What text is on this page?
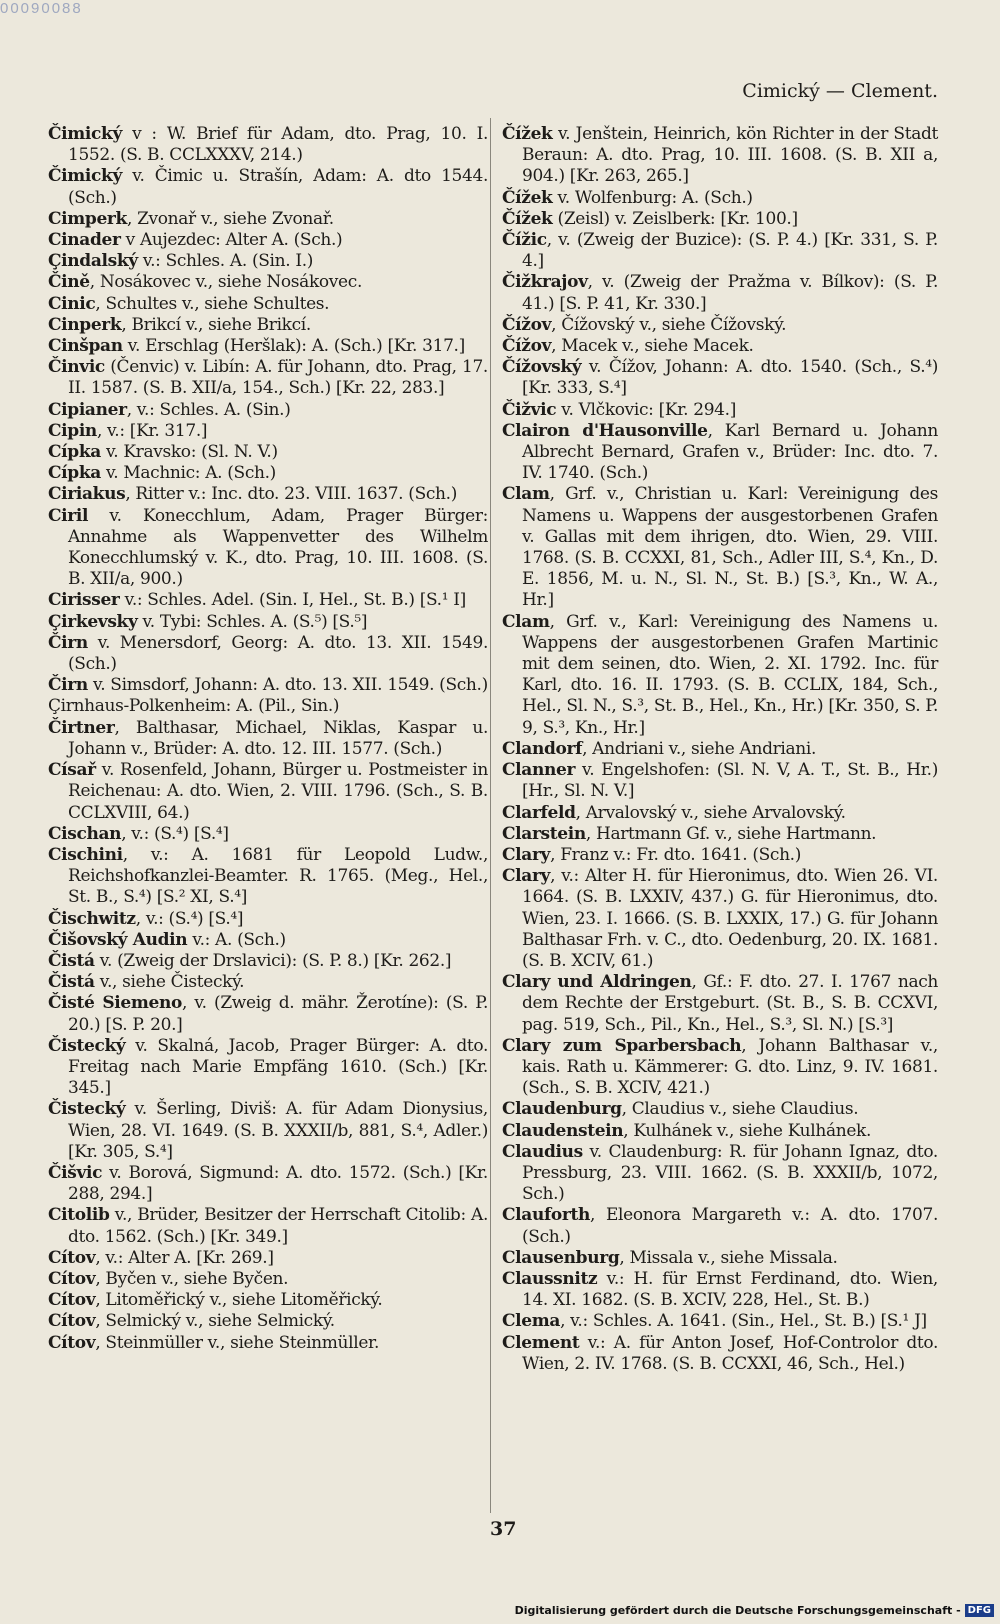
00090088
Cimický — Clement.

Čimický v : W. Brief für Adam, dto. Prag, 10. I. 1552. (S. B. CCLXXXV, 214.)

Čimický v. Čimic u. Strašín, Adam: A. dto 1544. (Sch.)

Cimperk, Zvonař v., siehe Zvonař.

Cinader v Aujezdec: Alter A. (Sch.)

Çindalský v.: Schles. A. (Sin. I.)

Čině, Nosákovec v., siehe Nosákovec.

Cinic, Schultes v., siehe Schultes.

Cinperk, Brikcí v., siehe Brikcí.

Cinšpan v. Erschlag (Heršlak): A. (Sch.) [Kr. 317.]

Činvic (Čenvic) v. Libín: A. für Johann, dto. Prag, 17. II. 1587. (S. B. XII/a, 154., Sch.) [Kr. 22, 283.]

Cipianer, v.: Schles. A. (Sin.)

Cipin, v.: [Kr. 317.]

Cípka v. Kravsko: (Sl. N. V.)

Cípka v. Machnic: A. (Sch.)

Ciriakus, Ritter v.: Inc. dto. 23. VIII. 1637. (Sch.)

Ciril v. Konecchlum, Adam, Prager Bürger: Annahme als Wappenvetter des Wilhelm Konecchlumský v. K., dto. Prag, 10. III. 1608. (S. B. XII/a, 900.)

Cirisser v.: Schles. Adel. (Sin. I, Hel., St. B.) [S.¹ I]

Çirkevsky v. Tybi: Schles. A. (S.⁵) [S.⁵]

Čirn v. Menersdorf, Georg: A. dto. 13. XII. 1549. (Sch.)

Čirn v. Simsdorf, Johann: A. dto. 13. XII. 1549. (Sch.)

Çirnhaus-Polkenheim: A. (Pil., Sin.)

Čirtner, Balthasar, Michael, Niklas, Kaspar u. Johann v., Brüder: A. dto. 12. III. 1577. (Sch.)

Císař v. Rosenfeld, Johann, Bürger u. Postmeister in Reichenau: A. dto. Wien, 2. VIII. 1796. (Sch., S. B. CCLXVIII, 64.)

Cischan, v.: (S.⁴) [S.⁴]

Cischini, v.: A. 1681 für Leopold Ludw., Reichshofkanzlei-Beamter. R. 1765. (Meg., Hel., St. B., S.⁴) [S.² XI, S.⁴]

Čischwitz, v.: (S.⁴) [S.⁴]

Čišovský Audin v.: A. (Sch.)

Čistá v. (Zweig der Drslavici): (S. P. 8.) [Kr. 262.]

Čistá v., siehe Čistecký.

Čisté Siemeno, v. (Zweig d. mähr. Žerotíne): (S. P. 20.) [S. P. 20.]

Čistecký v. Skalná, Jacob, Prager Bürger: A. dto. Freitag nach Marie Empfäng 1610. (Sch.) [Kr. 345.]

Čistecký v. Šerling, Diviš: A. für Adam Dionysius, Wien, 28. VI. 1649. (S. B. XXXII/b, 881, S.⁴, Adler.) [Kr. 305, S.⁴]

Čišvic v. Borová, Sigmund: A. dto. 1572. (Sch.) [Kr. 288, 294.]

Citolib v., Brüder, Besitzer der Herrschaft Citolib: A. dto. 1562. (Sch.) [Kr. 349.]

Cítov, v.: Alter A. [Kr. 269.]

Cítov, Byčen v., siehe Byčen.

Cítov, Litoměřický v., siehe Litoměřický.

Cítov, Selmický v., siehe Selmický.

Cítov, Steinmüller v., siehe Steinmüller.

Čížek v. Jenštein, Heinrich, kön Richter in der Stadt Beraun: A. dto. Prag, 10. III. 1608. (S. B. XII a, 904.) [Kr. 263, 265.]

Čížek v. Wolfenburg: A. (Sch.)

Čížek (Zeisl) v. Zeislberk: [Kr. 100.]

Čížic, v. (Zweig der Buzice): (S. P. 4.) [Kr. 331, S. P. 4.]

Čižkrajov, v. (Zweig der Pražma v. Bílkov): (S. P. 41.) [S. P. 41, Kr. 330.]

Čížov, Čížovský v., siehe Čížovský.

Čížov, Macek v., siehe Macek.

Čížovský v. Čížov, Johann: A. dto. 1540. (Sch., S.⁴) [Kr. 333, S.⁴]

Čižvic v. Vlčkovic: [Kr. 294.]

Clairon d'Hausonville, Karl Bernard u. Johann Albrecht Bernard, Grafen v., Brüder: Inc. dto. 7. IV. 1740. (Sch.)

Clam, Grf. v., Christian u. Karl: Vereinigung des Namens u. Wappens der ausgestorbenen Grafen v. Gallas mit dem ihrigen, dto. Wien, 29. VIII. 1768. (S. B. CCXXI, 81, Sch., Adler III, S.⁴, Kn., D. E. 1856, M. u. N., Sl. N., St. B.) [S.³, Kn., W. A., Hr.]

Clam, Grf. v., Karl: Vereinigung des Namens u. Wappens der ausgestorbenen Grafen Martinic mit dem seinen, dto. Wien, 2. XI. 1792. Inc. für Karl, dto. 16. II. 1793. (S. B. CCLIX, 184, Sch., Hel., Sl. N., S.³, St. B., Hel., Kn., Hr.) [Kr. 350, S. P. 9, S.³, Kn., Hr.]

Clandorf, Andriani v., siehe Andriani.

Clanner v. Engelshofen: (Sl. N. V, A. T., St. B., Hr.) [Hr., Sl. N. V.]

Clarfeld, Arvalovský v., siehe Arvalovský.

Clarstein, Hartmann Gf. v., siehe Hartmann.

Clary, Franz v.: Fr. dto. 1641. (Sch.)

Clary, v.: Alter H. für Hieronimus, dto. Wien 26. VI. 1664. (S. B. LXXIV, 437.) G. für Hieronimus, dto. Wien, 23. I. 1666. (S. B. LXXIX, 17.) G. für Johann Balthasar Frh. v. C., dto. Oedenburg, 20. IX. 1681. (S. B. XCIV, 61.)

Clary und Aldringen, Gf.: F. dto. 27. I. 1767 nach dem Rechte der Erstgeburt. (St. B., S. B. CCXVI, pag. 519, Sch., Pil., Kn., Hel., S.³, Sl. N.) [S.³]

Clary zum Sparbersbach, Johann Balthasar v., kais. Rath u. Kämmerer: G. dto. Linz, 9. IV. 1681. (Sch., S. B. XCIV, 421.)

Claudenburg, Claudius v., siehe Claudius.

Claudenstein, Kulhánek v., siehe Kulhánek.

Claudius v. Claudenburg: R. für Johann Ignaz, dto. Pressburg, 23. VIII. 1662. (S. B. XXXII/b, 1072, Sch.)

Clauforth, Eleonora Margareth v.: A. dto. 1707. (Sch.)

Clausenburg, Missala v., siehe Missala.

Claussnitz v.: H. für Ernst Ferdinand, dto. Wien, 14. XI. 1682. (S. B. XCIV, 228, Hel., St. B.)

Clema, v.: Schles. A. 1641. (Sin., Hel., St. B.) [S.¹ J]

Clement v.: A. für Anton Josef, Hof-Controlor dto. Wien, 2. IV. 1768. (S. B. CCXXI, 46, Sch., Hel.)

37
Digitalisierung gefördert durch die Deutsche Forschungsgemeinschaft - DFG
